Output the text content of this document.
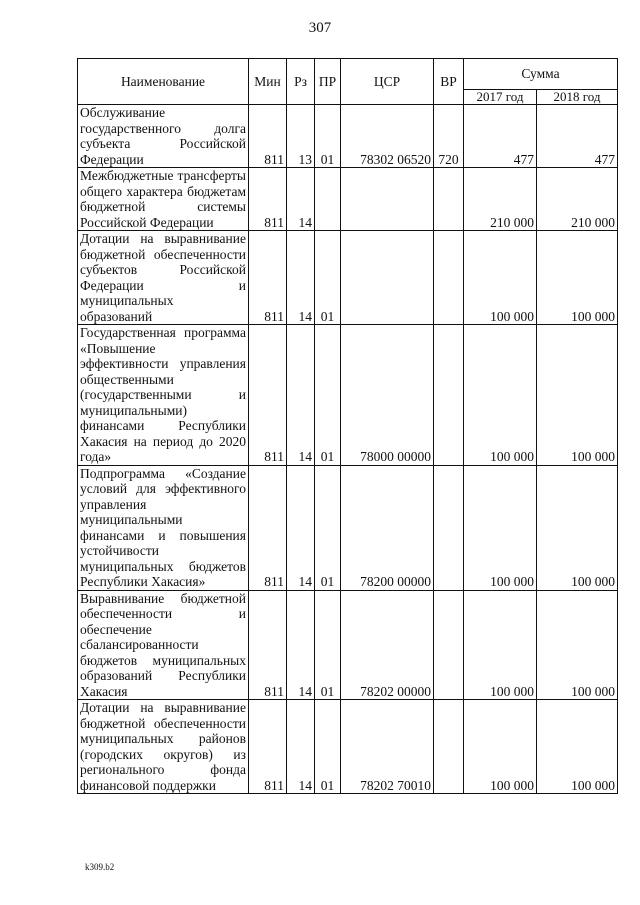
307
Наименование	Мин	Рз	ПР	ЦСР	ВР	Сумма	
						2017 год	2018 год
Обслуживание государственного долга субъекта Российской Федерации	811	13	01	78302 06520	720	477	477
Межбюджетные трансферты общего характера бюджетам бюджетной системы Российской Федерации	811	14				210 000	210 000
Дотации на выравнивание бюджетной обеспеченности субъектов Российской Федерации и муниципальных образований	811	14	01			100 000	100 000
Государственная программа «Повышение эффективности управления общественными (государственными и муниципальными) финансами Республики Хакасия на период до 2020 года»	811	14	01	78000 00000		100 000	100 000
Подпрограмма «Создание условий для эффективного управления муниципальными финансами и повышения устойчивости муниципальных бюджетов Республики Хакасия»	811	14	01	78200 00000		100 000	100 000
Выравнивание бюджетной обеспеченности и обеспечение сбалансированности бюджетов муниципальных образований Республики Хакасия	811	14	01	78202 00000		100 000	100 000
Дотации на выравнивание бюджетной обеспеченности муниципальных районов (городских округов) из регионального фонда финансовой поддержки	811	14	01	78202 70010		100 000	100 000
k309.b2
